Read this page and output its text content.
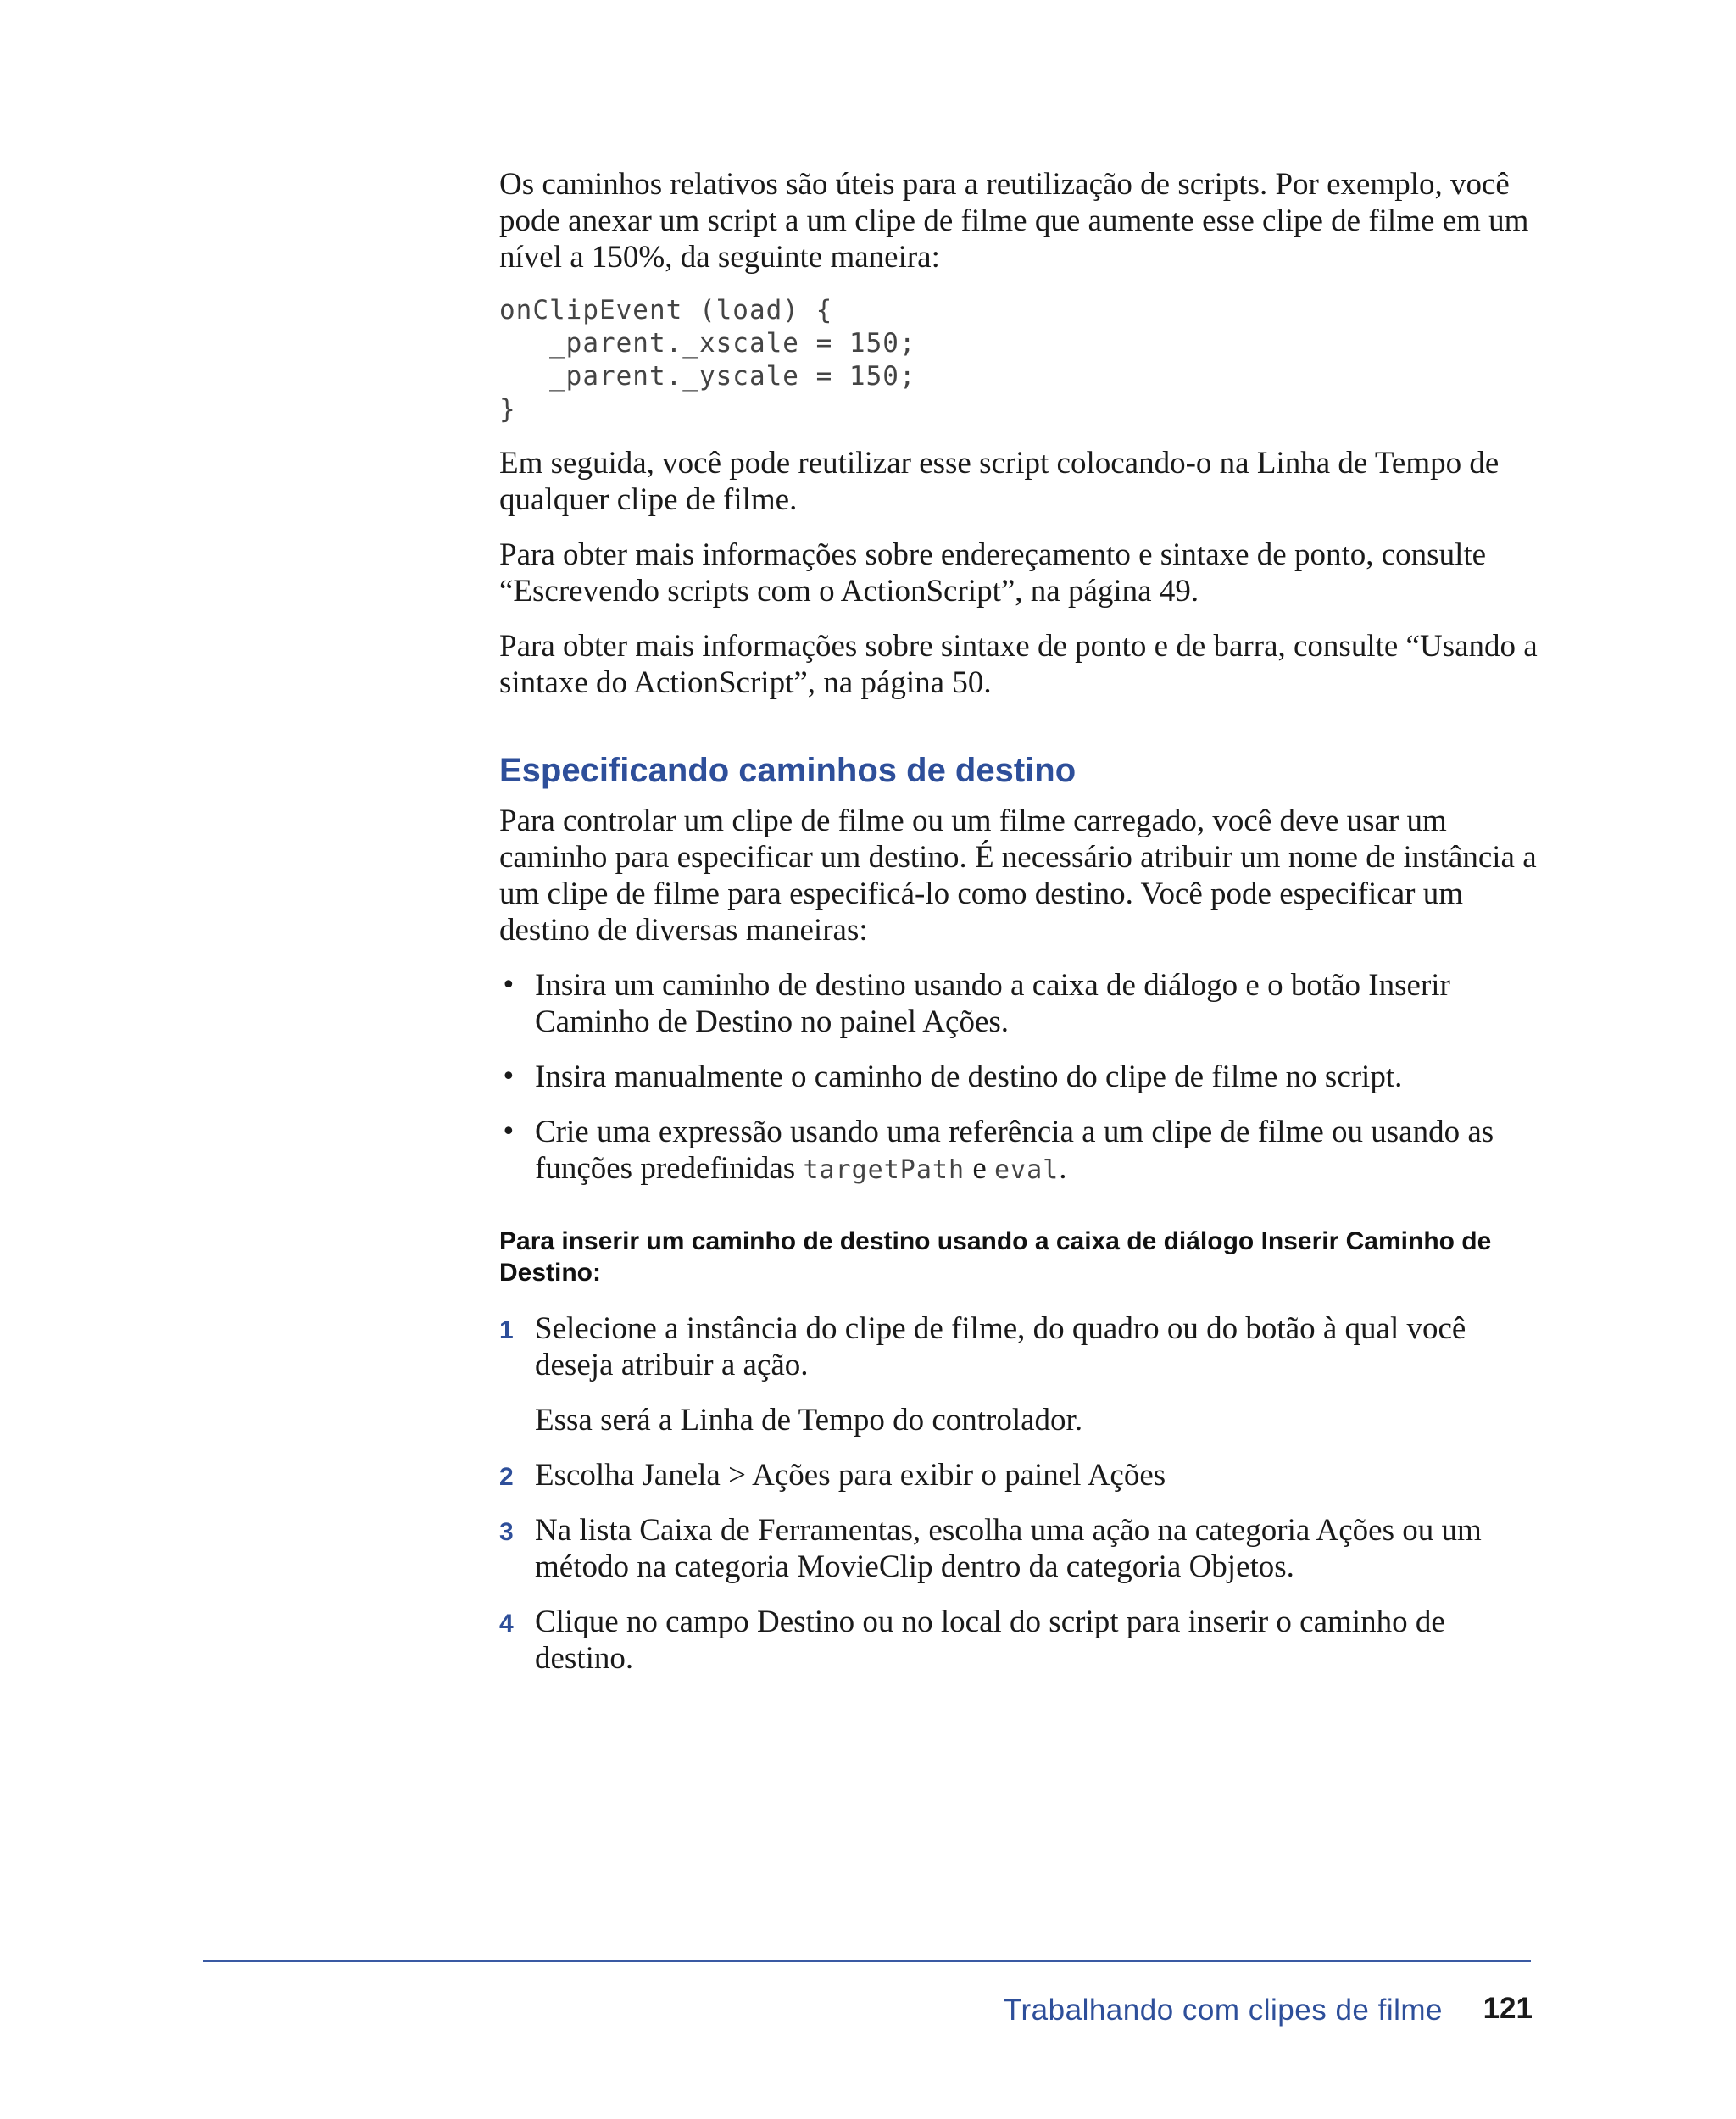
Os caminhos relativos são úteis para a reutilização de scripts. Por exemplo, você pode anexar um script a um clipe de filme que aumente esse clipe de filme em um nível a 150%, da seguinte maneira:

onClipEvent (load) {
_parent._xscale = 150;
_parent._yscale = 150;
}

Em seguida, você pode reutilizar esse script colocando-o na Linha de Tempo de qualquer clipe de filme.

Para obter mais informações sobre endereçamento e sintaxe de ponto, consulte “Escrevendo scripts com o ActionScript”, na página 49.

Para obter mais informações sobre sintaxe de ponto e de barra, consulte “Usando a sintaxe do ActionScript”, na página 50.

Especificando caminhos de destino

Para controlar um clipe de filme ou um filme carregado, você deve usar um caminho para especificar um destino. É necessário atribuir um nome de instância a um clipe de filme para especificá-lo como destino. Você pode especificar um destino de diversas maneiras:

• Insira um caminho de destino usando a caixa de diálogo e o botão Inserir Caminho de Destino no painel Ações.
• Insira manualmente o caminho de destino do clipe de filme no script.
• Crie uma expressão usando uma referência a um clipe de filme ou usando as funções predefinidas targetPath e eval.
Para inserir um caminho de destino usando a caixa de diálogo Inserir Caminho de Destino:
1 Selecione a instância do clipe de filme, do quadro ou do botão à qual você deseja atribuir a ação.
Essa será a Linha de Tempo do controlador.
2 Escolha Janela > Ações para exibir o painel Ações
3 Na lista Caixa de Ferramentas, escolha uma ação na categoria Ações ou um método na categoria MovieClip dentro da categoria Objetos.
4 Clique no campo Destino ou no local do script para inserir o caminho de destino.
Trabalhando com clipes de filme 121
